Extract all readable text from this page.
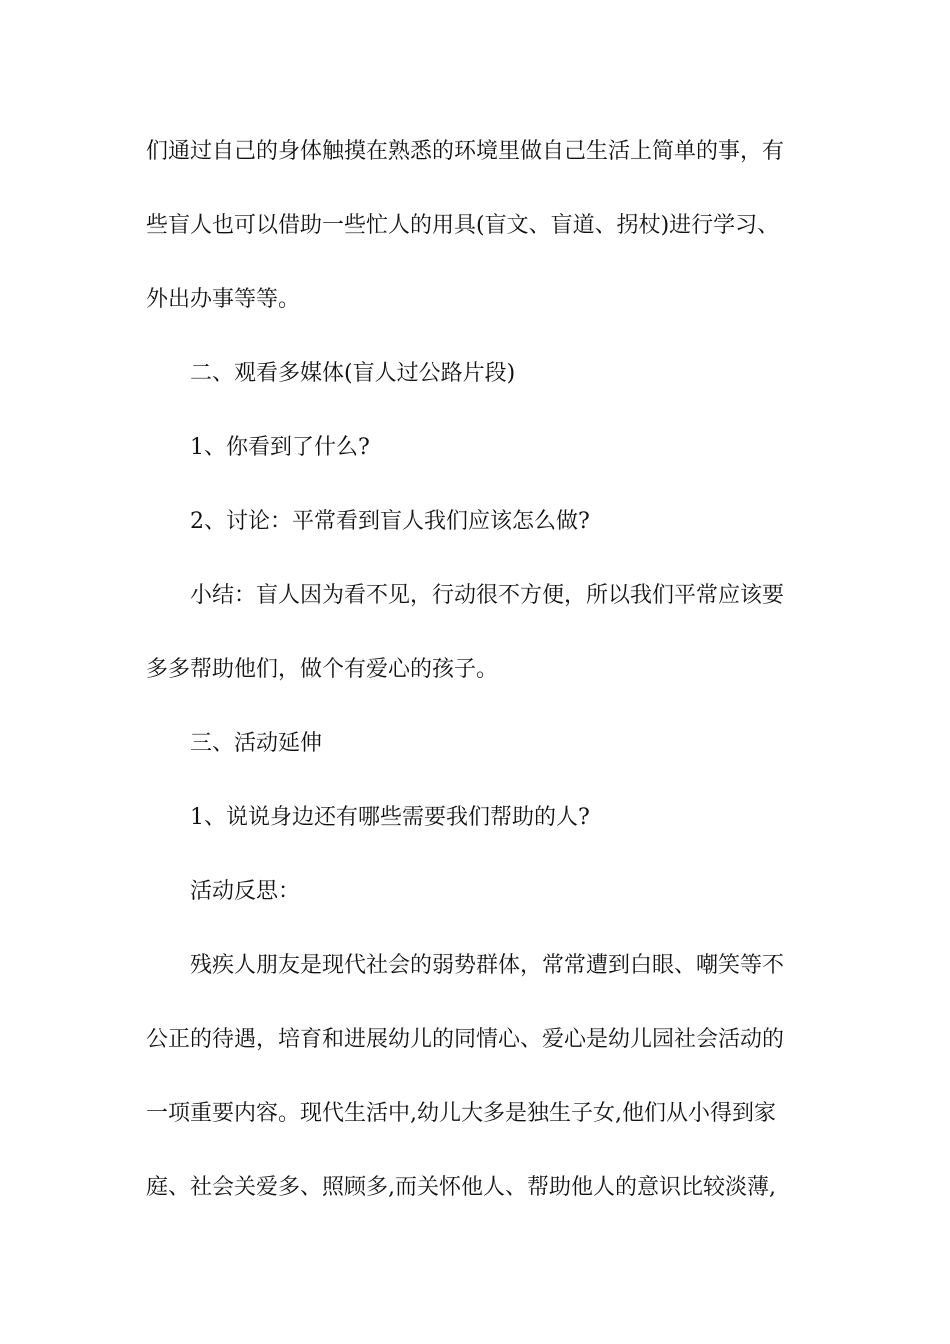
们通过自己的身体触摸在熟悉的环境里做自己生活上简单的事，有
些盲人也可以借助一些忙人的用具(盲文、盲道、拐杖)进行学习、
外出办事等等。
二、观看多媒体(盲人过公路片段)
1、你看到了什么?
2、讨论：平常看到盲人我们应该怎么做?
小结：盲人因为看不见，行动很不方便，所以我们平常应该要
多多帮助他们，做个有爱心的孩子。
三、活动延伸
1、说说身边还有哪些需要我们帮助的人?
活动反思：
残疾人朋友是现代社会的弱势群体，常常遭到白眼、嘲笑等不
公正的待遇，培育和进展幼儿的同情心、爱心是幼儿园社会活动的
一项重要内容。现代生活中,幼儿大多是独生子女,他们从小得到家
庭、社会关爱多、照顾多,而关怀他人、帮助他人的意识比较淡薄,
